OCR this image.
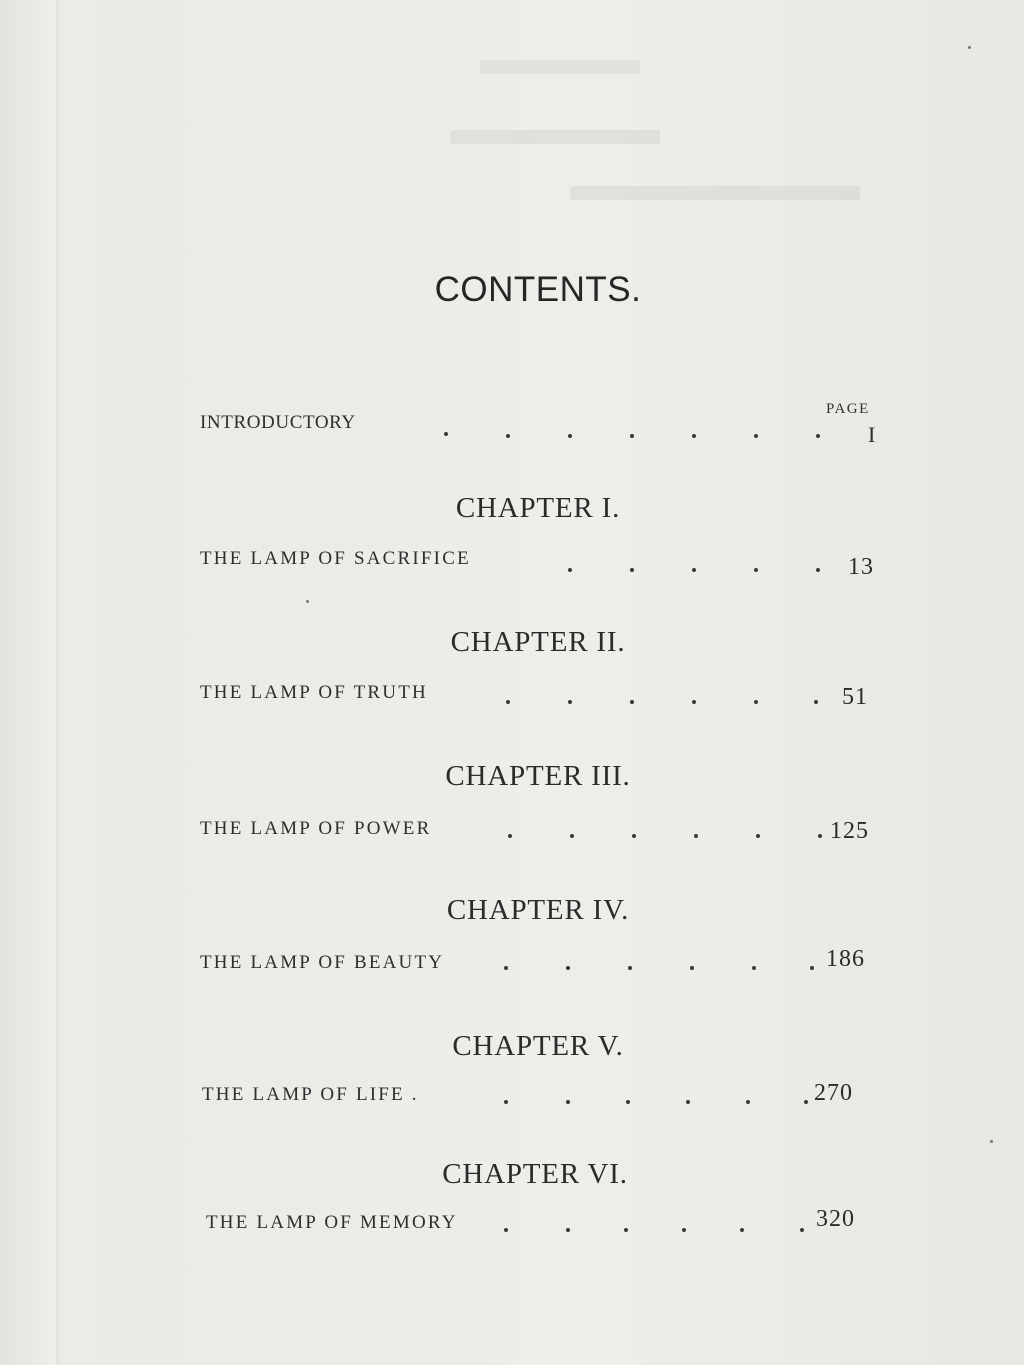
CONTENTS.
PAGE
INTRODUCTORY	I
CHAPTER I.
THE LAMP OF SACRIFICE	13
CHAPTER II.
THE LAMP OF TRUTH	51
CHAPTER III.
THE LAMP OF POWER	125
CHAPTER IV.
THE LAMP OF BEAUTY	186
CHAPTER V.
THE LAMP OF LIFE .	270
CHAPTER VI.
THE LAMP OF MEMORY	320
